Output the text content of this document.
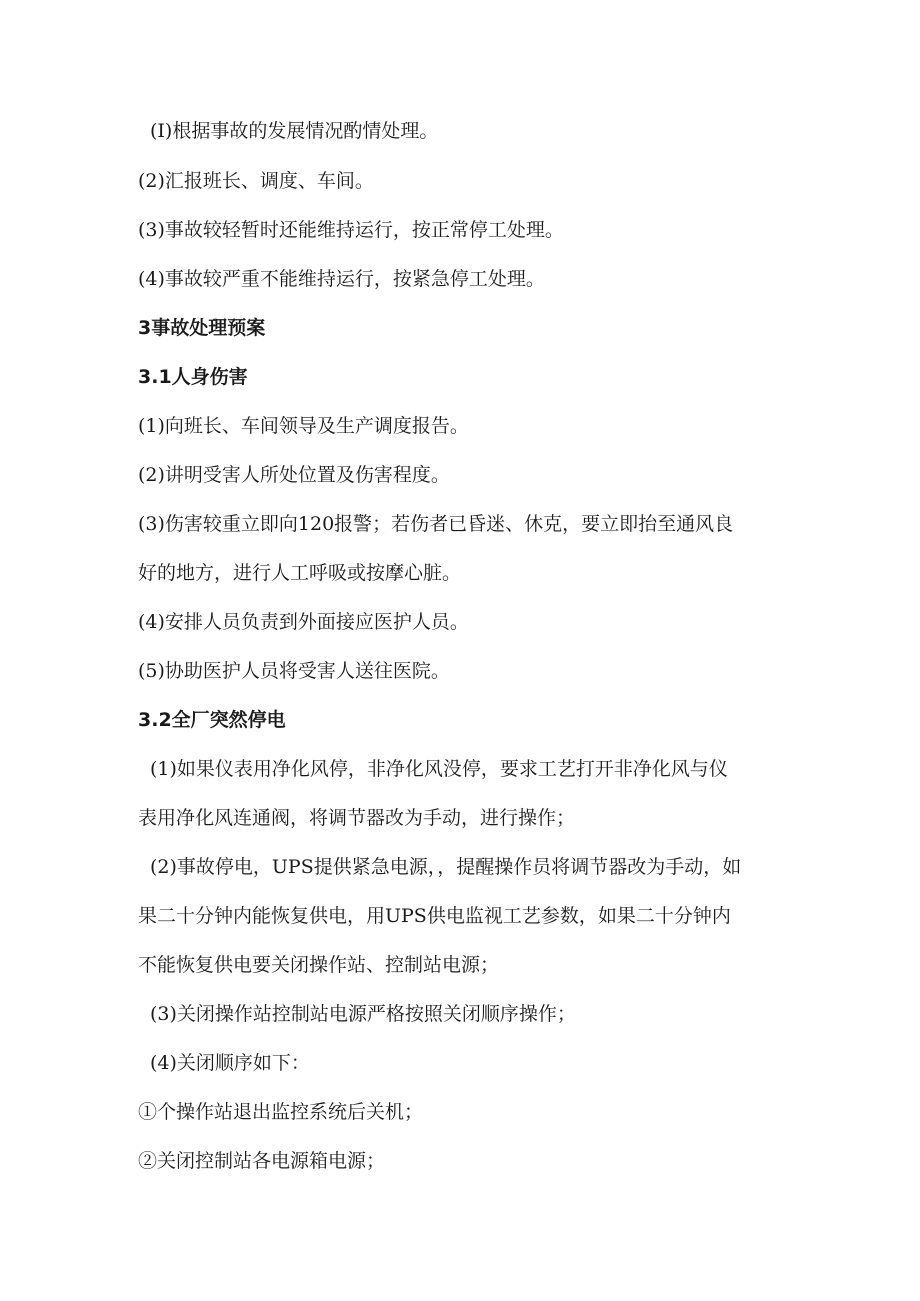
(I)根据事故的发展情况酌情处理。
(2)汇报班长、调度、车间。
(3)事故较轻暂时还能维持运行，按正常停工处理。
(4)事故较严重不能维持运行，按紧急停工处理。
3事故处理预案
3.1人身伤害
(1)向班长、车间领导及生产调度报告。
(2)讲明受害人所处位置及伤害程度。
(3)伤害较重立即向120报警；若伤者已昏迷、休克，要立即抬至通风良
好的地方，进行人工呼吸或按摩心脏。
(4)安排人员负责到外面接应医护人员。
(5)协助医护人员将受害人送往医院。
3.2全厂突然停电
(1)如果仪表用净化风停，非净化风没停，要求工艺打开非净化风与仪
表用净化风连通阀，将调节器改为手动，进行操作；
(2)事故停电，UPS提供紧急电源，，提醒操作员将调节器改为手动，如
果二十分钟内能恢复供电，用UPS供电监视工艺参数，如果二十分钟内
不能恢复供电要关闭操作站、控制站电源；
(3)关闭操作站控制站电源严格按照关闭顺序操作；
(4)关闭顺序如下：
①个操作站退出监控系统后关机；
②关闭控制站各电源箱电源；
